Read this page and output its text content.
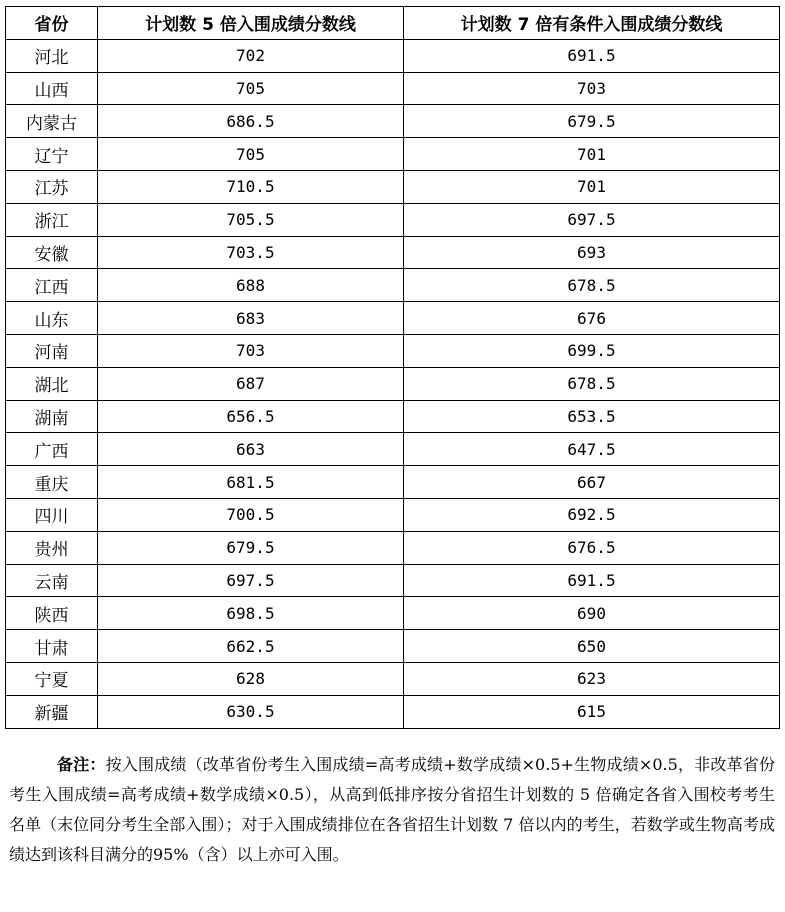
省份	计划数 5 倍入围成绩分数线	计划数 7 倍有条件入围成绩分数线
河北	702	691.5
山西	705	703
内蒙古	686.5	679.5
辽宁	705	701
江苏	710.5	701
浙江	705.5	697.5
安徽	703.5	693
江西	688	678.5
山东	683	676
河南	703	699.5
湖北	687	678.5
湖南	656.5	653.5
广西	663	647.5
重庆	681.5	667
四川	700.5	692.5
贵州	679.5	676.5
云南	697.5	691.5
陕西	698.5	690
甘肃	662.5	650
宁夏	628	623
新疆	630.5	615

备注：按入围成绩（改革省份考生入围成绩=高考成绩+数学成绩×0.5+生物成绩×0.5，非改革省份考生入围成绩=高考成绩+数学成绩×0.5），从高到低排序按分省招生计划数的 5 倍确定各省入围校考考生名单（末位同分考生全部入围）；对于入围成绩排位在各省招生计划数 7 倍以内的考生，若数学或生物高考成绩达到该科目满分的95%（含）以上亦可入围。
